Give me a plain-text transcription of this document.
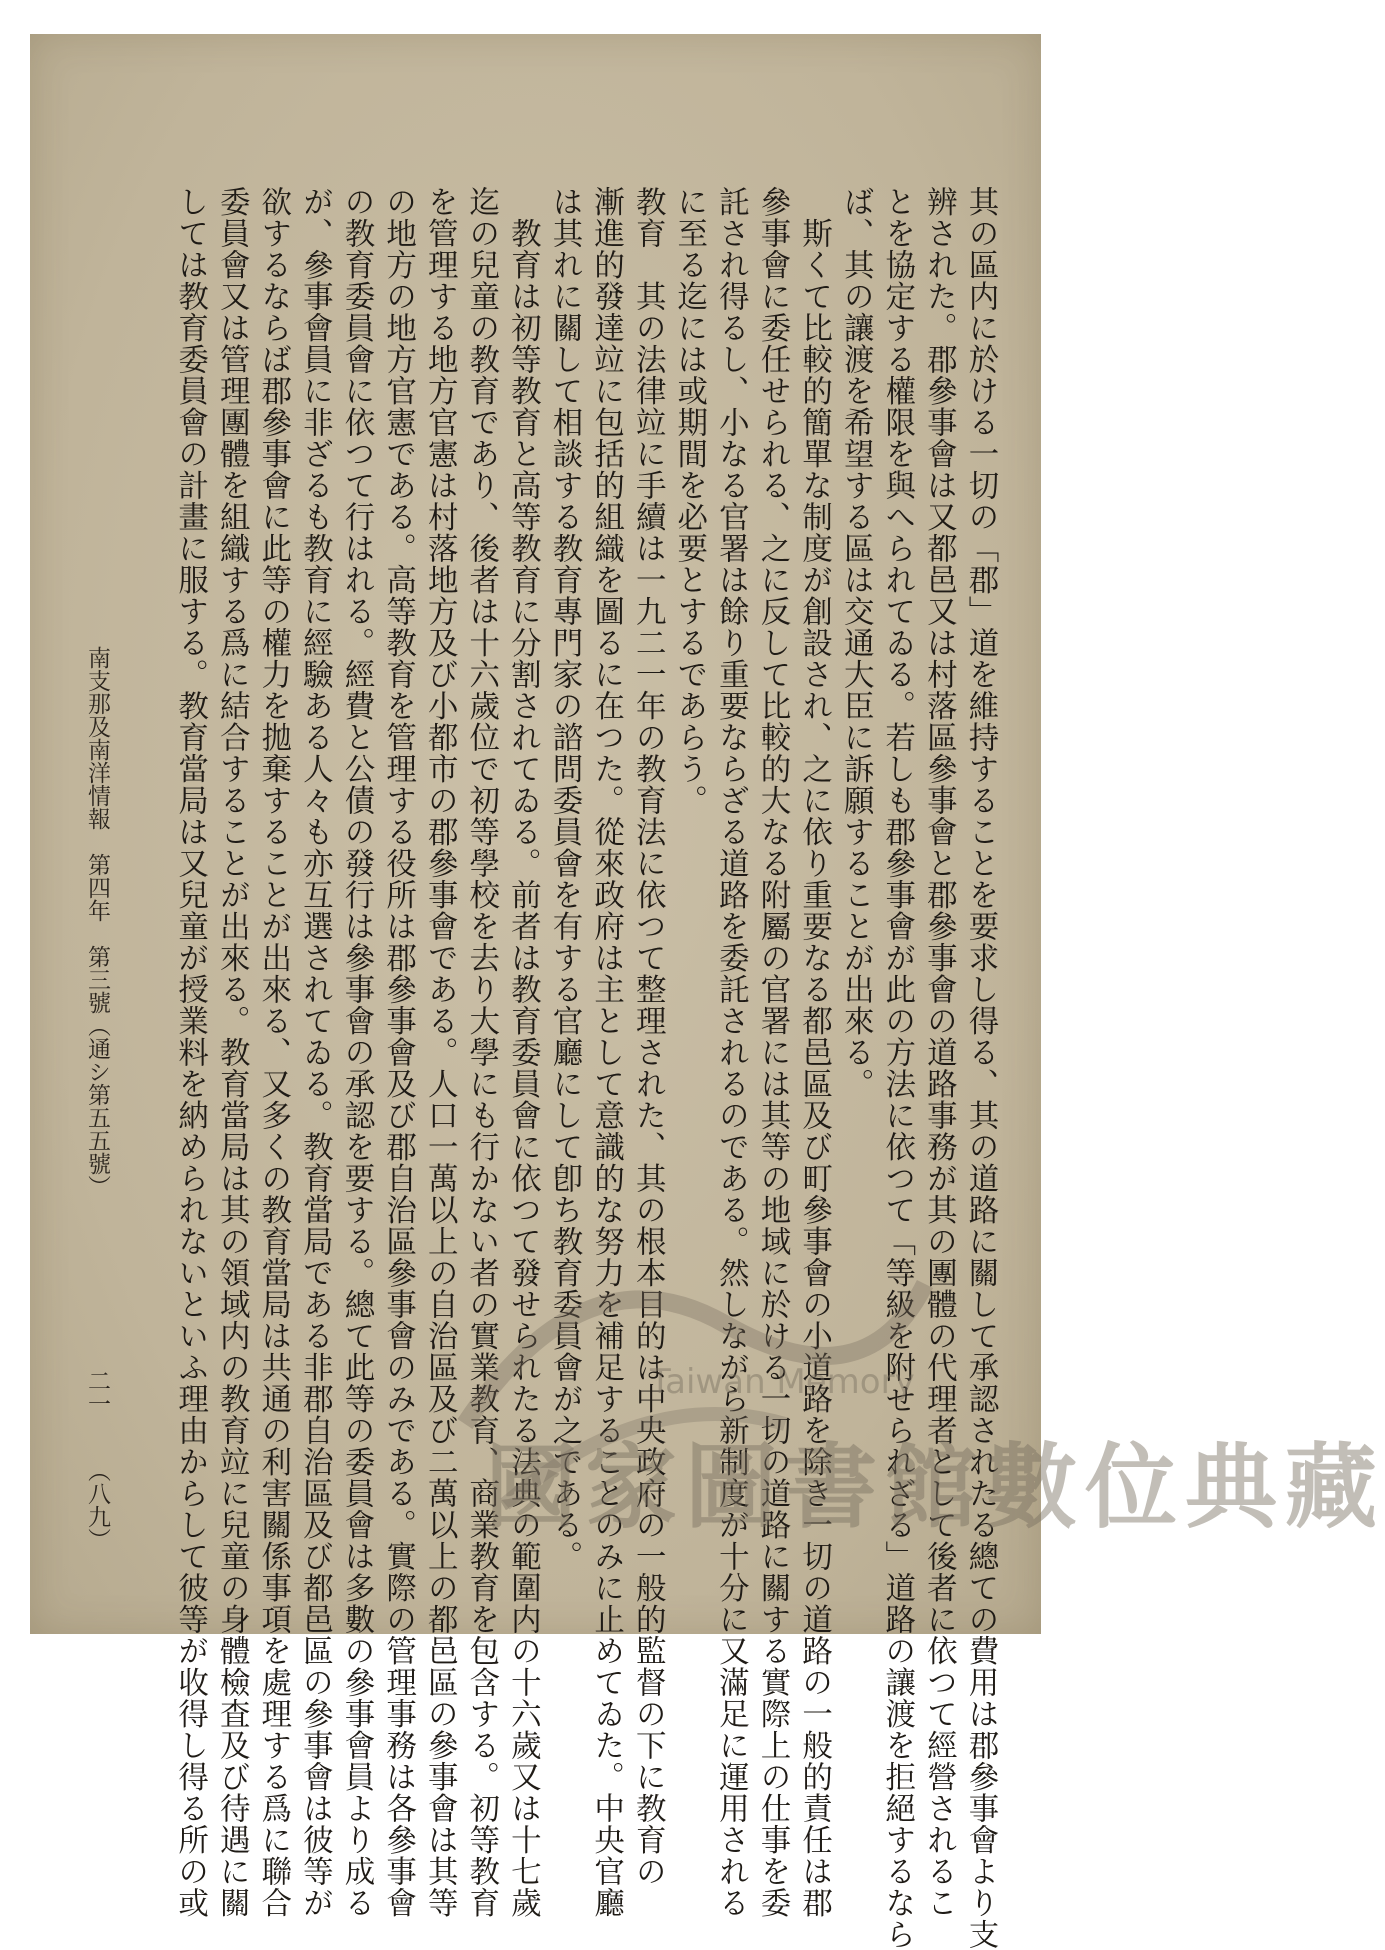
其の區内に於ける一切の「郡」道を維持することを要求し得る、其の道路に關して承認されたる總ての費用は郡參事會より支
辨された。郡參事會は又都邑又は村落區參事會と郡參事會の道路事務が其の團體の代理者として後者に依つて經營されるこ
とを協定する權限を與へられてゐる。若しも郡參事會が此の方法に依つて「等級を附せられざる」道路の讓渡を拒絕するなら
ば、其の讓渡を希望する區は交通大臣に訴願することが出來る。
　斯くて比較的簡單な制度が創設され、之に依り重要なる都邑區及び町參事會の小道路を除き一切の道路の一般的責任は郡
參事會に委任せられる、之に反して比較的大なる附屬の官署には其等の地域に於ける一切の道路に關する實際上の仕事を委
託され得るし、小なる官署は餘り重要ならざる道路を委託されるのである。然しながら新制度が十分に又滿足に運用される
に至る迄には或期間を必要とするであらう。
教育　其の法律竝に手續は一九二一年の教育法に依つて整理された、其の根本目的は中央政府の一般的監督の下に教育の
漸進的發達竝に包括的組織を圖るに在つた。從來政府は主として意識的な努力を補足することのみに止めてゐた。中央官廳
は其れに關して相談する教育專門家の諮問委員會を有する官廳にして卽ち教育委員會が之である。
　教育は初等教育と高等教育に分割されてゐる。前者は教育委員會に依つて發せられたる法典の範圍内の十六歲又は十七歲
迄の兒童の教育であり、後者は十六歲位で初等學校を去り大學にも行かない者の實業教育、商業教育を包含する。初等教育
を管理する地方官憲は村落地方及び小都市の郡參事會である。人口一萬以上の自治區及び二萬以上の都邑區の參事會は其等
の地方の地方官憲である。高等教育を管理する役所は郡參事會及び郡自治區參事會のみである。實際の管理事務は各參事會
の教育委員會に依つて行はれる。經費と公債の發行は參事會の承認を要する。總て此等の委員會は多數の參事會員より成る
が、參事會員に非ざるも教育に經驗ある人々も亦互選されてゐる。教育當局である非郡自治區及び都邑區の參事會は彼等が
欲するならば郡參事會に此等の權力を拋棄することが出來る、又多くの教育當局は共通の利害關係事項を處理する爲に聯合
委員會又は管理團體を組織する爲に結合することが出來る。教育當局は其の領域内の教育竝に兒童の身體檢査及び待遇に關
しては教育委員會の計畫に服する。教育當局は又兒童が授業料を納められないといふ理由からして彼等が收得し得る所の或
南支那及南洋情報　第四年　第三號（通シ第五五號）
二一
（八九）
Taiwan Memory
國家圖書館數位典藏
